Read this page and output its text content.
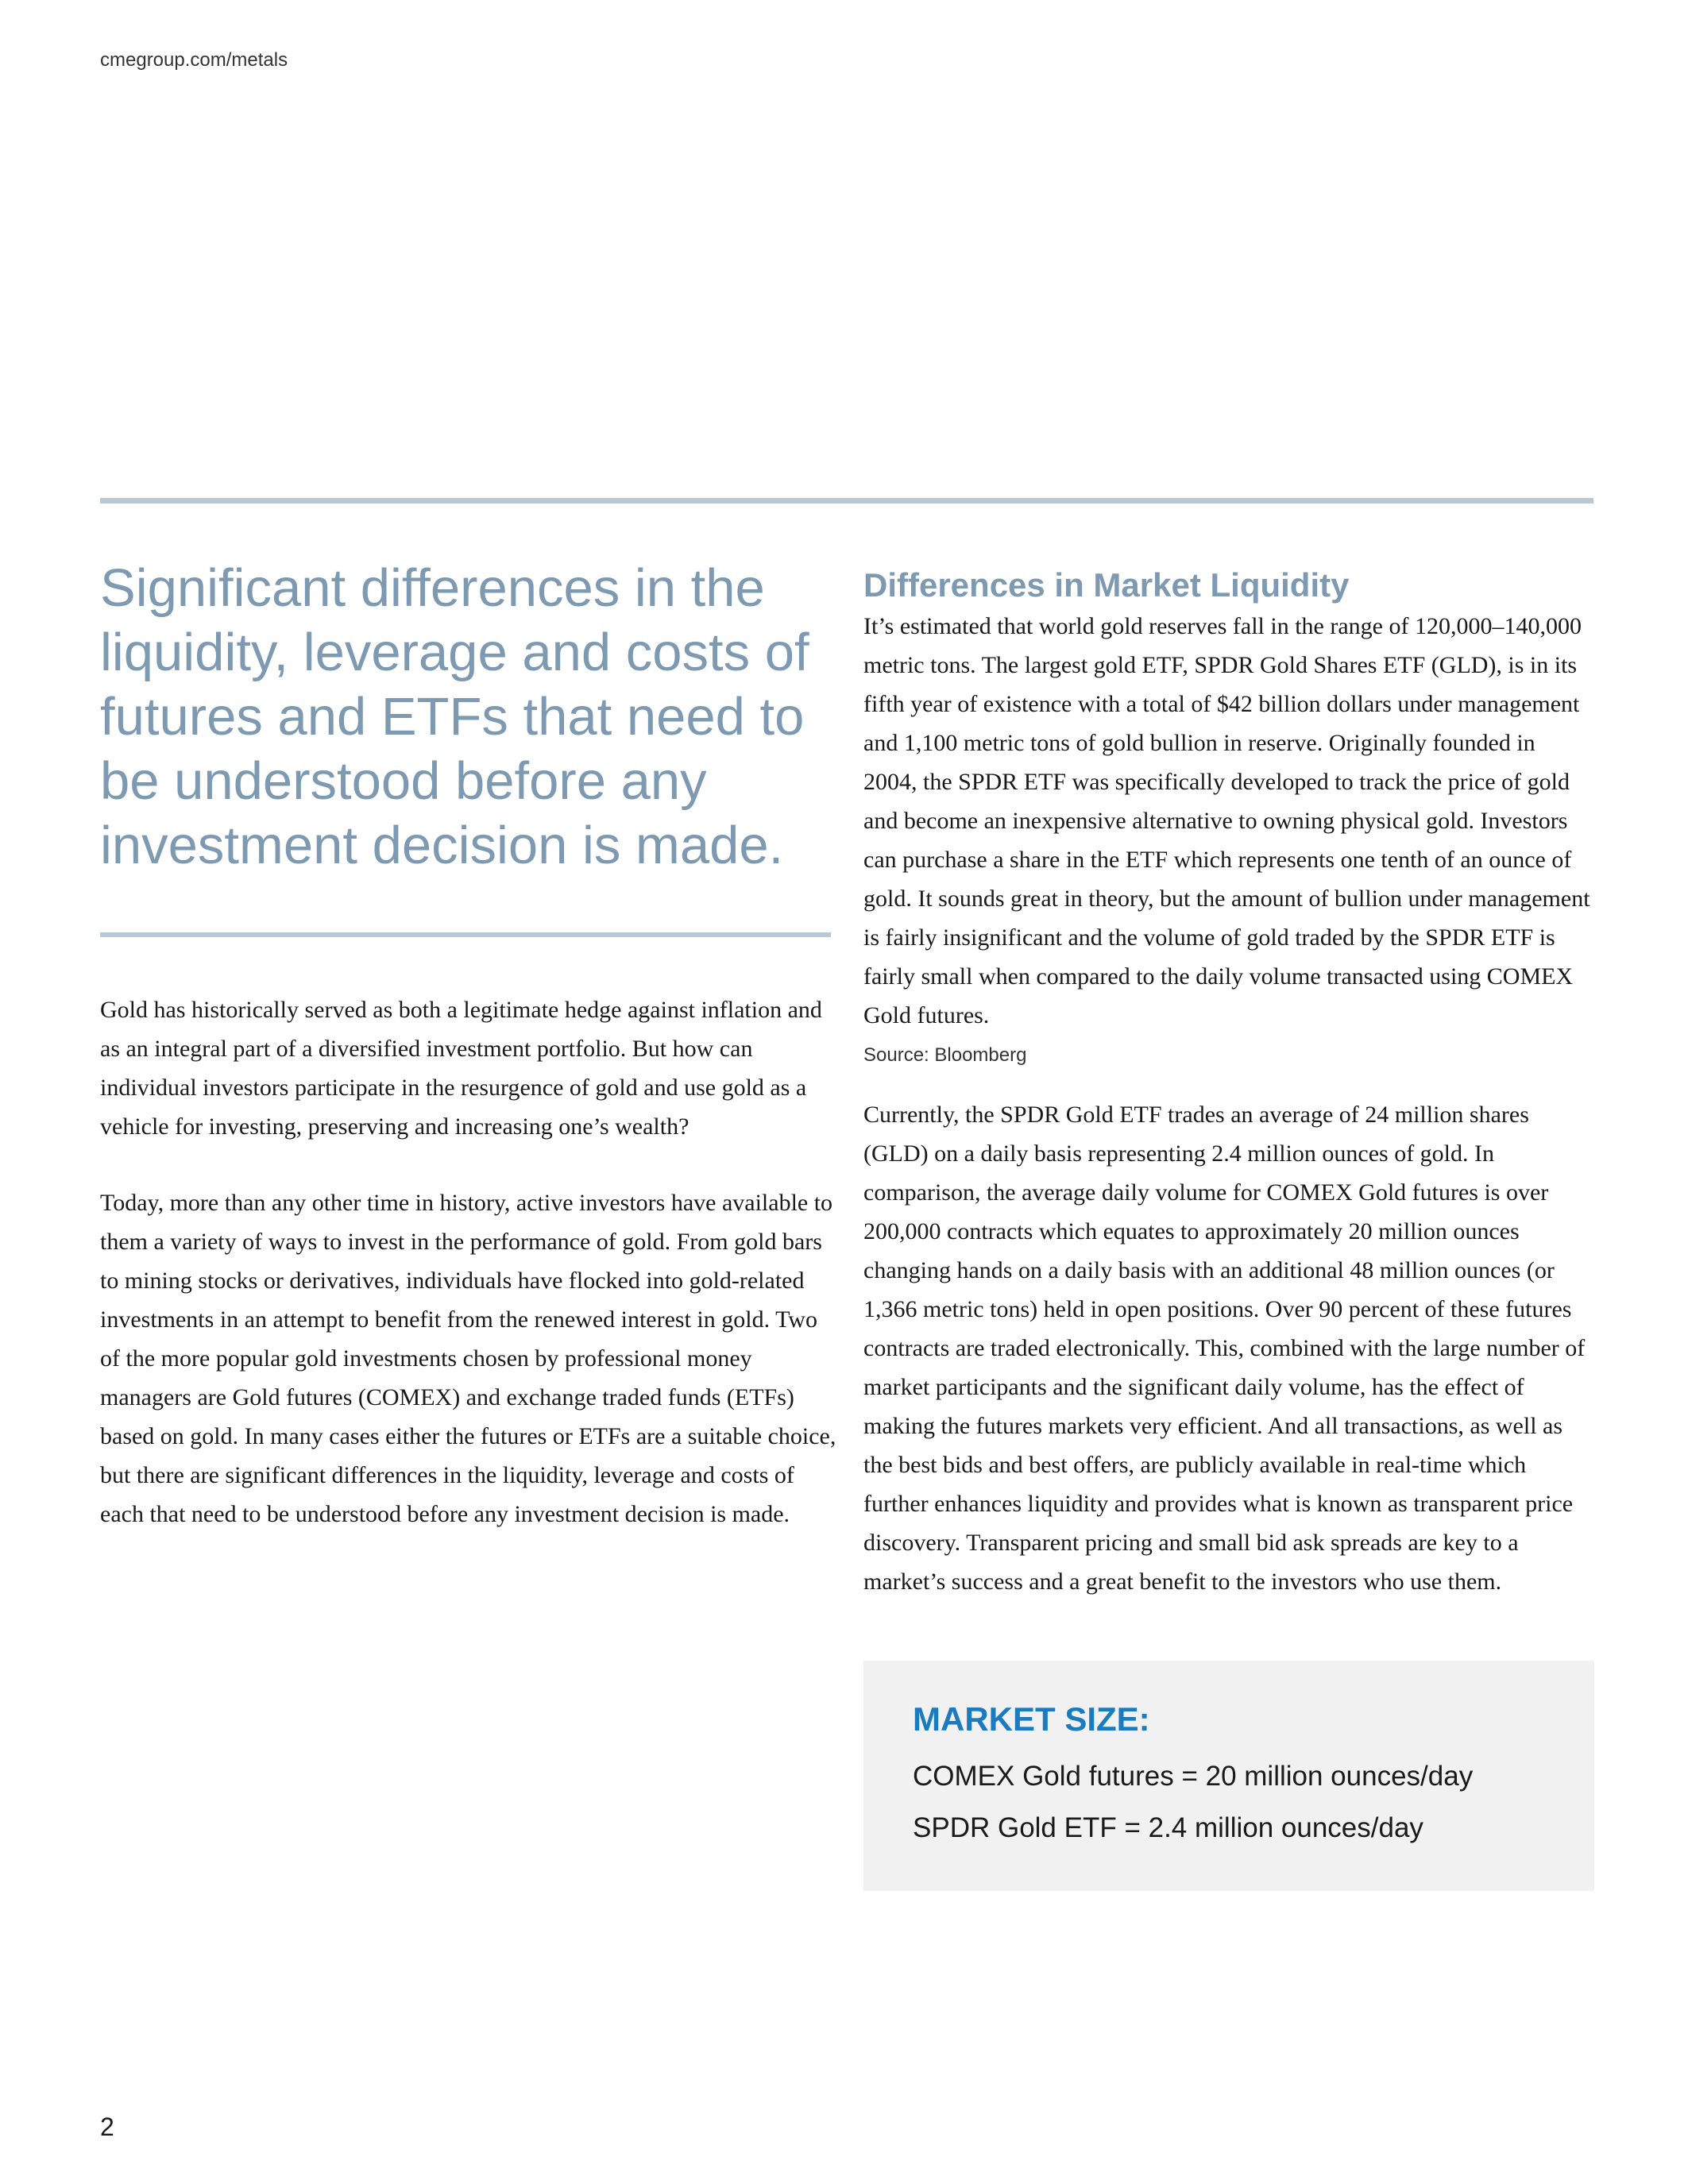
cmegroup.com/metals
Significant differences in the liquidity, leverage and costs of futures and ETFs that need to be understood before any investment decision is made.

Gold has historically served as both a legitimate hedge against inflation and as an integral part of a diversified investment portfolio. But how can individual investors participate in the resurgence of gold and use gold as a vehicle for investing, preserving and increasing one’s wealth?

Today, more than any other time in history, active investors have available to them a variety of ways to invest in the performance of gold. From gold bars to mining stocks or derivatives, individuals have flocked into gold-related investments in an attempt to benefit from the renewed interest in gold. Two of the more popular gold investments chosen by professional money managers are Gold futures (COMEX) and exchange traded funds (ETFs) based on gold. In many cases either the futures or ETFs are a suitable choice, but there are significant differences in the liquidity, leverage and costs of each that need to be understood before any investment decision is made.

Differences in Market Liquidity

It’s estimated that world gold reserves fall in the range of 120,000–140,000 metric tons. The largest gold ETF, SPDR Gold Shares ETF (GLD), is in its fifth year of existence with a total of $42 billion dollars under management and 1,100 metric tons of gold bullion in reserve. Originally founded in 2004, the SPDR ETF was specifically developed to track the price of gold and become an inexpensive alternative to owning physical gold. Investors can purchase a share in the ETF which represents one tenth of an ounce of gold. It sounds great in theory, but the amount of bullion under management is fairly insignificant and the volume of gold traded by the SPDR ETF is fairly small when compared to the daily volume transacted using COMEX Gold futures.

Source: Bloomberg

Currently, the SPDR Gold ETF trades an average of 24 million shares (GLD) on a daily basis representing 2.4 million ounces of gold. In comparison, the average daily volume for COMEX Gold futures is over 200,000 contracts which equates to approximately 20 million ounces changing hands on a daily basis with an additional 48 million ounces (or 1,366 metric tons) held in open positions. Over 90 percent of these futures contracts are traded electronically. This, combined with the large number of market participants and the significant daily volume, has the effect of making the futures markets very efficient. And all transactions, as well as the best bids and best offers, are publicly available in real-time which further enhances liquidity and provides what is known as transparent price discovery. Transparent pricing and small bid ask spreads are key to a market’s success and a great benefit to the investors who use them.

MARKET SIZE:
COMEX Gold futures = 20 million ounces/day
SPDR Gold ETF = 2.4 million ounces/day
2
